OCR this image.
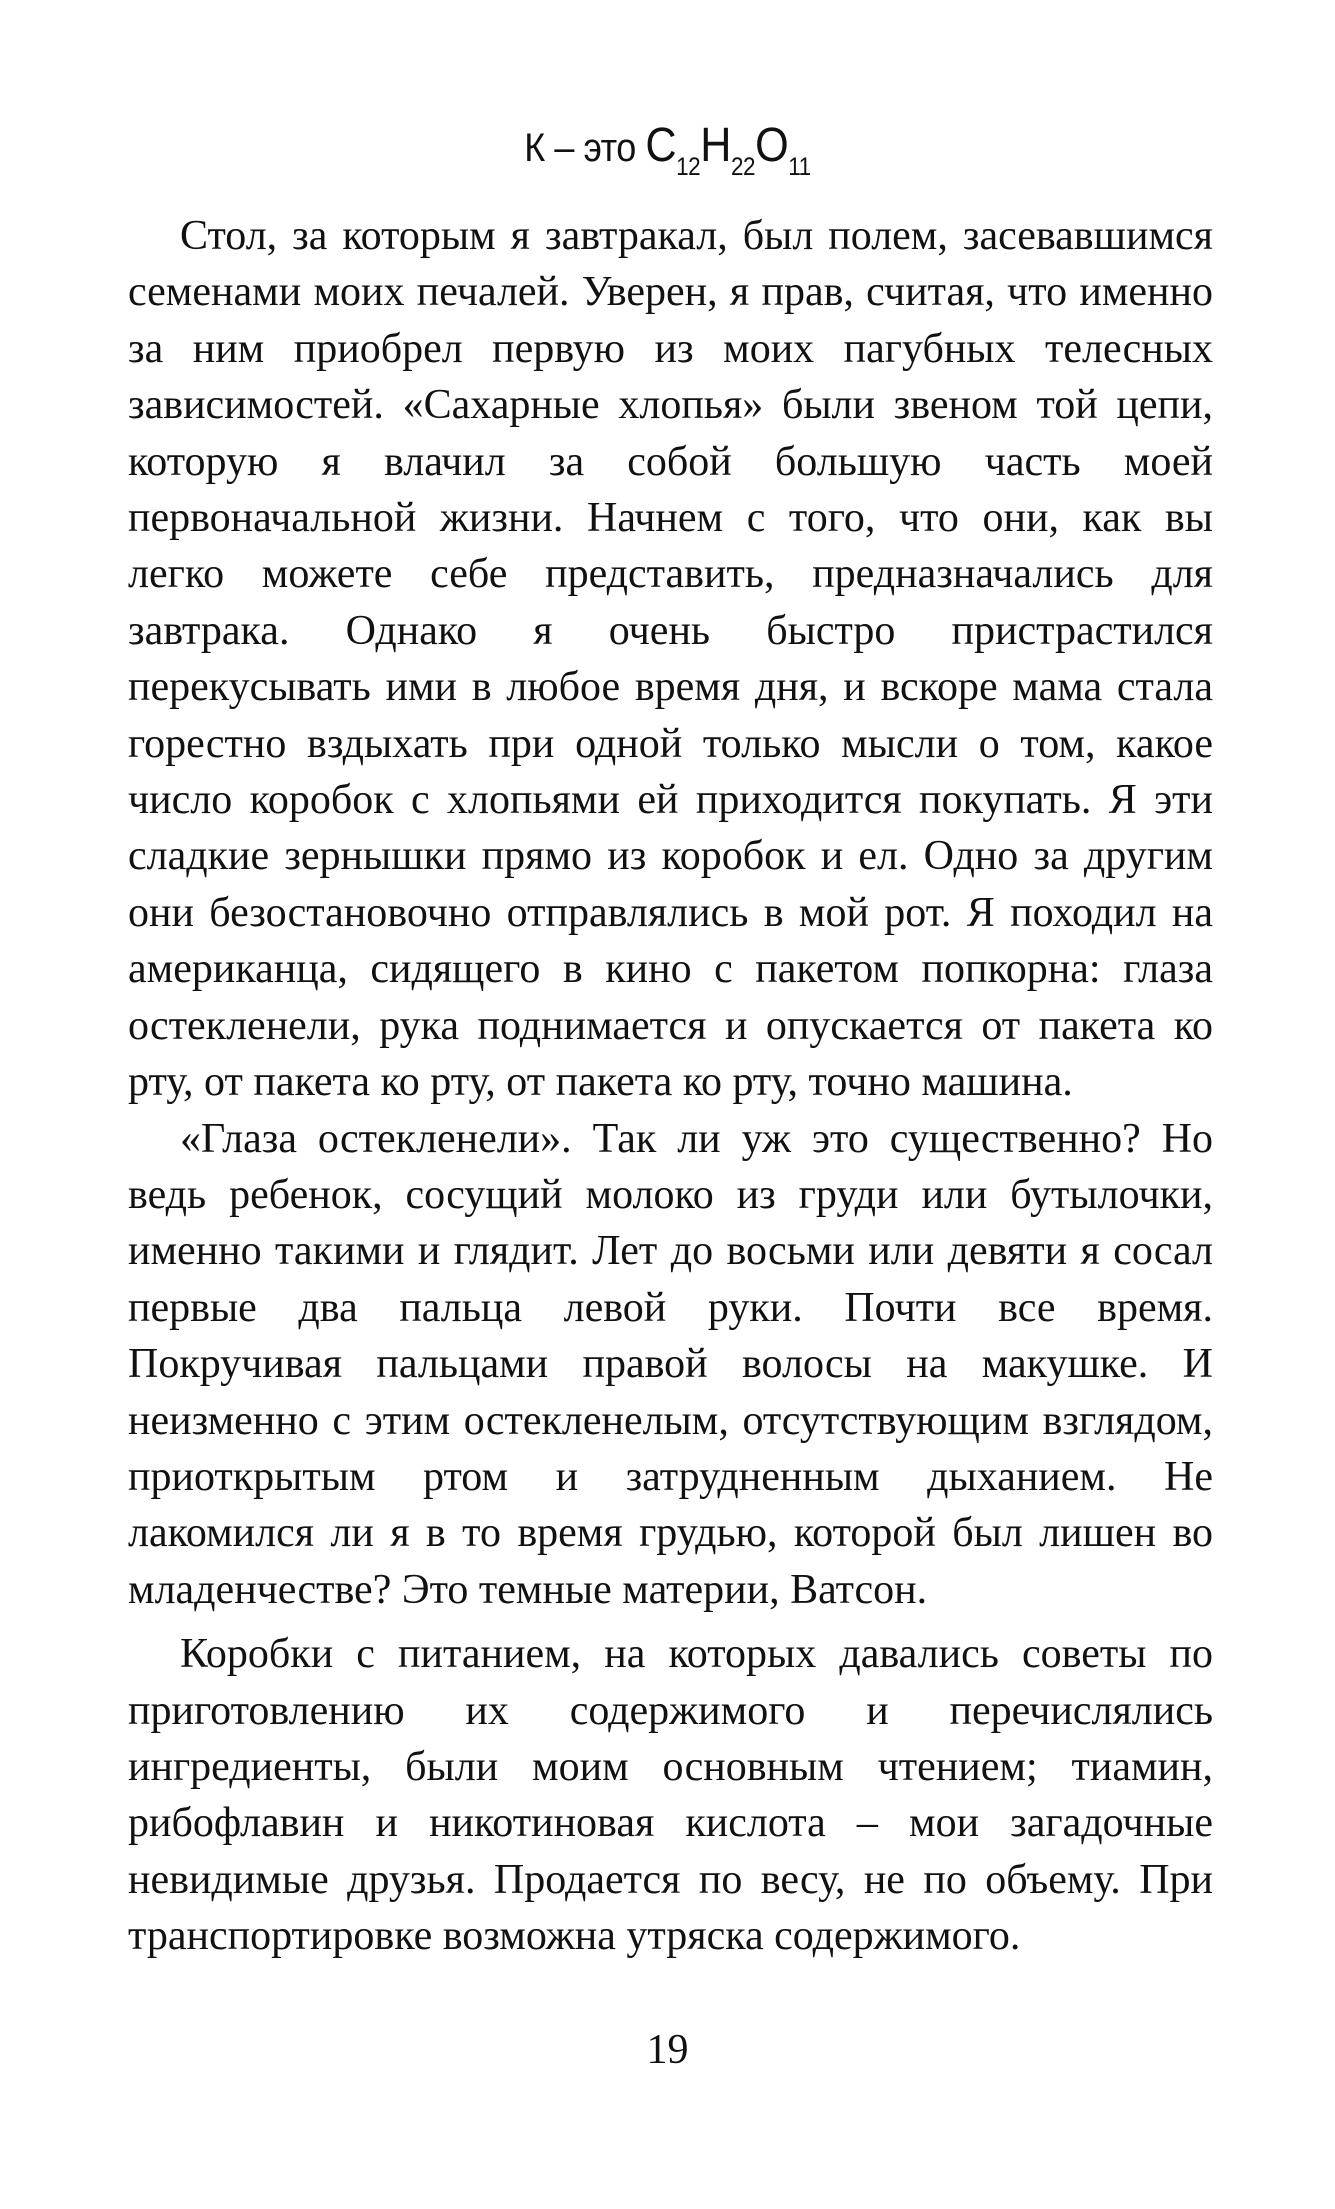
К – это $C_{12}H_{22}O_{11}$

Стол, за которым я завтракал, был полем, засевавшимся семенами моих печалей. Уверен, я прав, считая, что именно за ним приобрел первую из моих пагубных телесных зависимостей. «Сахарные хлопья» были звеном той цепи, которую я влачил за собой большую часть моей первоначальной жизни. Начнем с того, что они, как вы легко можете себе представить, предназначались для завтрака. Однако я очень быстро пристрастился перекусывать ими в любое время дня, и вскоре мама стала горестно вздыхать при одной только мысли о том, какое число коробок с хлопьями ей приходится покупать. Я эти сладкие зернышки прямо из коробок и ел. Одно за другим они безостановочно отправлялись в мой рот. Я походил на американца, сидящего в кино с пакетом попкорна: глаза остекленели, рука поднимается и опускается от пакета ко рту, от пакета ко рту, от пакета ко рту, точно машина.

«Глаза остекленели». Так ли уж это существенно? Но ведь ребенок, сосущий молоко из груди или бутылочки, именно такими и глядит. Лет до восьми или девяти я сосал первые два пальца левой руки. Почти все время. Покручивая пальцами правой волосы на макушке. И неизменно с этим остекленелым, отсутствующим взглядом, приоткрытым ртом и затрудненным дыханием. Не лакомился ли я в то время грудью, которой был лишен во младенчестве? Это темные материи, Ватсон.

Коробки с питанием, на которых давались советы по приготовлению их содержимого и перечислялись ингредиенты, были моим основным чтением; тиамин, рибофлавин и никотиновая кислота – мои загадочные невидимые друзья. Продается по весу, не по объему. При транспортировке возможна утряска содержимого.

19
